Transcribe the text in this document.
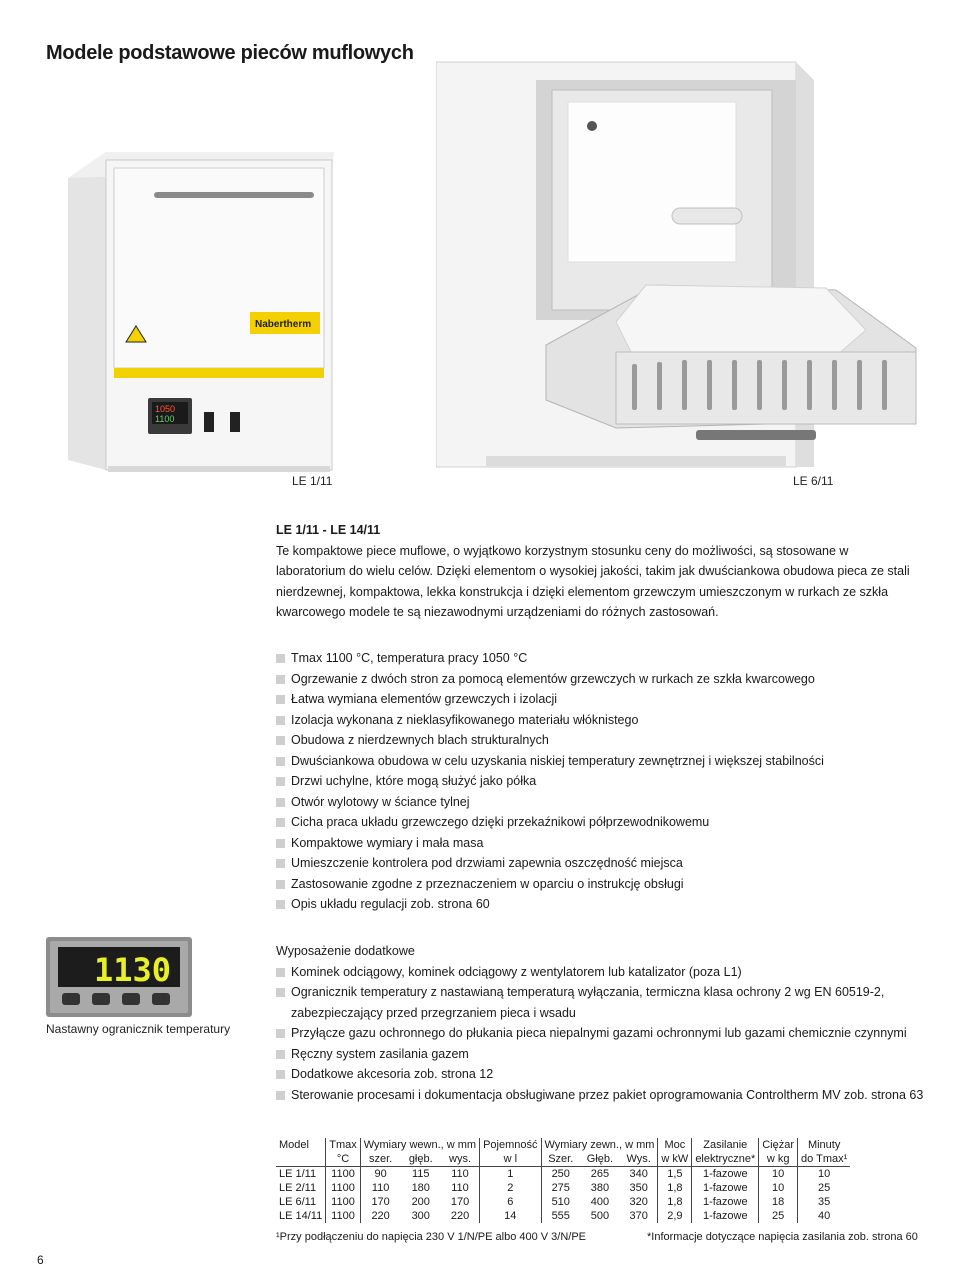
Modele podstawowe pieców muflowych
Nabertherm
1050
1100
LE 1/11	LE 6/11
LE 1/11 - LE 14/11
Te kompaktowe piece muflowe, o wyjątkowo korzystnym stosunku ceny do możliwości, są stosowane w laboratorium do wielu celów. Dzięki elementom o wysokiej jakości, takim jak dwuściankowa obudowa pieca ze stali nierdzewnej, kompaktowa, lekka konstrukcja i dzięki elementom grzewczym umieszczonym w rurkach ze szkła kwarcowego modele te są niezawodnymi urządzeniami do różnych zastosowań.
Tmax 1100 °C, temperatura pracy 1050 °C
Ogrzewanie z dwóch stron za pomocą elementów grzewczych w rurkach ze szkła kwarcowego
Łatwa wymiana elementów grzewczych i izolacji
Izolacja wykonana z nieklasyfikowanego materiału włóknistego
Obudowa z nierdzewnych blach strukturalnych
Dwuściankowa obudowa w celu uzyskania niskiej temperatury zewnętrznej i większej stabilności
Drzwi uchylne, które mogą służyć jako półka
Otwór wylotowy w ściance tylnej
Cicha praca układu grzewczego dzięki przekaźnikowi półprzewodnikowemu
Kompaktowe wymiary i mała masa
Umieszczenie kontrolera pod drzwiami zapewnia oszczędność miejsca
Zastosowanie zgodne z przeznaczeniem w oparciu o instrukcję obsługi
Opis układu regulacji zob. strona 60
1130
Nastawny ogranicznik temperatury
Wyposażenie dodatkowe
Kominek odciągowy, kominek odciągowy z wentylatorem lub katalizator (poza L1)
Ogranicznik temperatury z nastawianą temperaturą wyłączania, termiczna klasa ochrony 2 wg EN 60519-2, zabezpieczający przed przegrzaniem pieca i wsadu
Przyłącze gazu ochronnego do płukania pieca niepalnymi gazami ochronnymi lub gazami chemicznie czynnymi
Ręczny system zasilania gazem
Dodatkowe akcesoria zob. strona 12
Sterowanie procesami i dokumentacja obsługiwane przez pakiet oprogramowania Controltherm MV zob. strona 63
Model	Tmax	Wymiary wewn., w mm			Pojemność	Wymiary zewn., w mm			Moc	Zasilanie	Ciężar	Minuty
	°C	szer.	głęb.	wys.	w l	Szer.	Głęb.	Wys.	w kW	elektryczne*	w kg	do Tmax¹
LE 1/11	1100	90	115	110	1	250	265	340	1,5	1-fazowe	10	10
LE 2/11	1100	110	180	110	2	275	380	350	1,8	1-fazowe	10	25
LE 6/11	1100	170	200	170	6	510	400	320	1,8	1-fazowe	18	35
LE 14/11	1100	220	300	220	14	555	500	370	2,9	1-fazowe	25	40
¹Przy podłączeniu do napięcia 230 V 1/N/PE albo 400 V 3/N/PE	*Informacje dotyczące napięcia zasilania zob. strona 60
6
